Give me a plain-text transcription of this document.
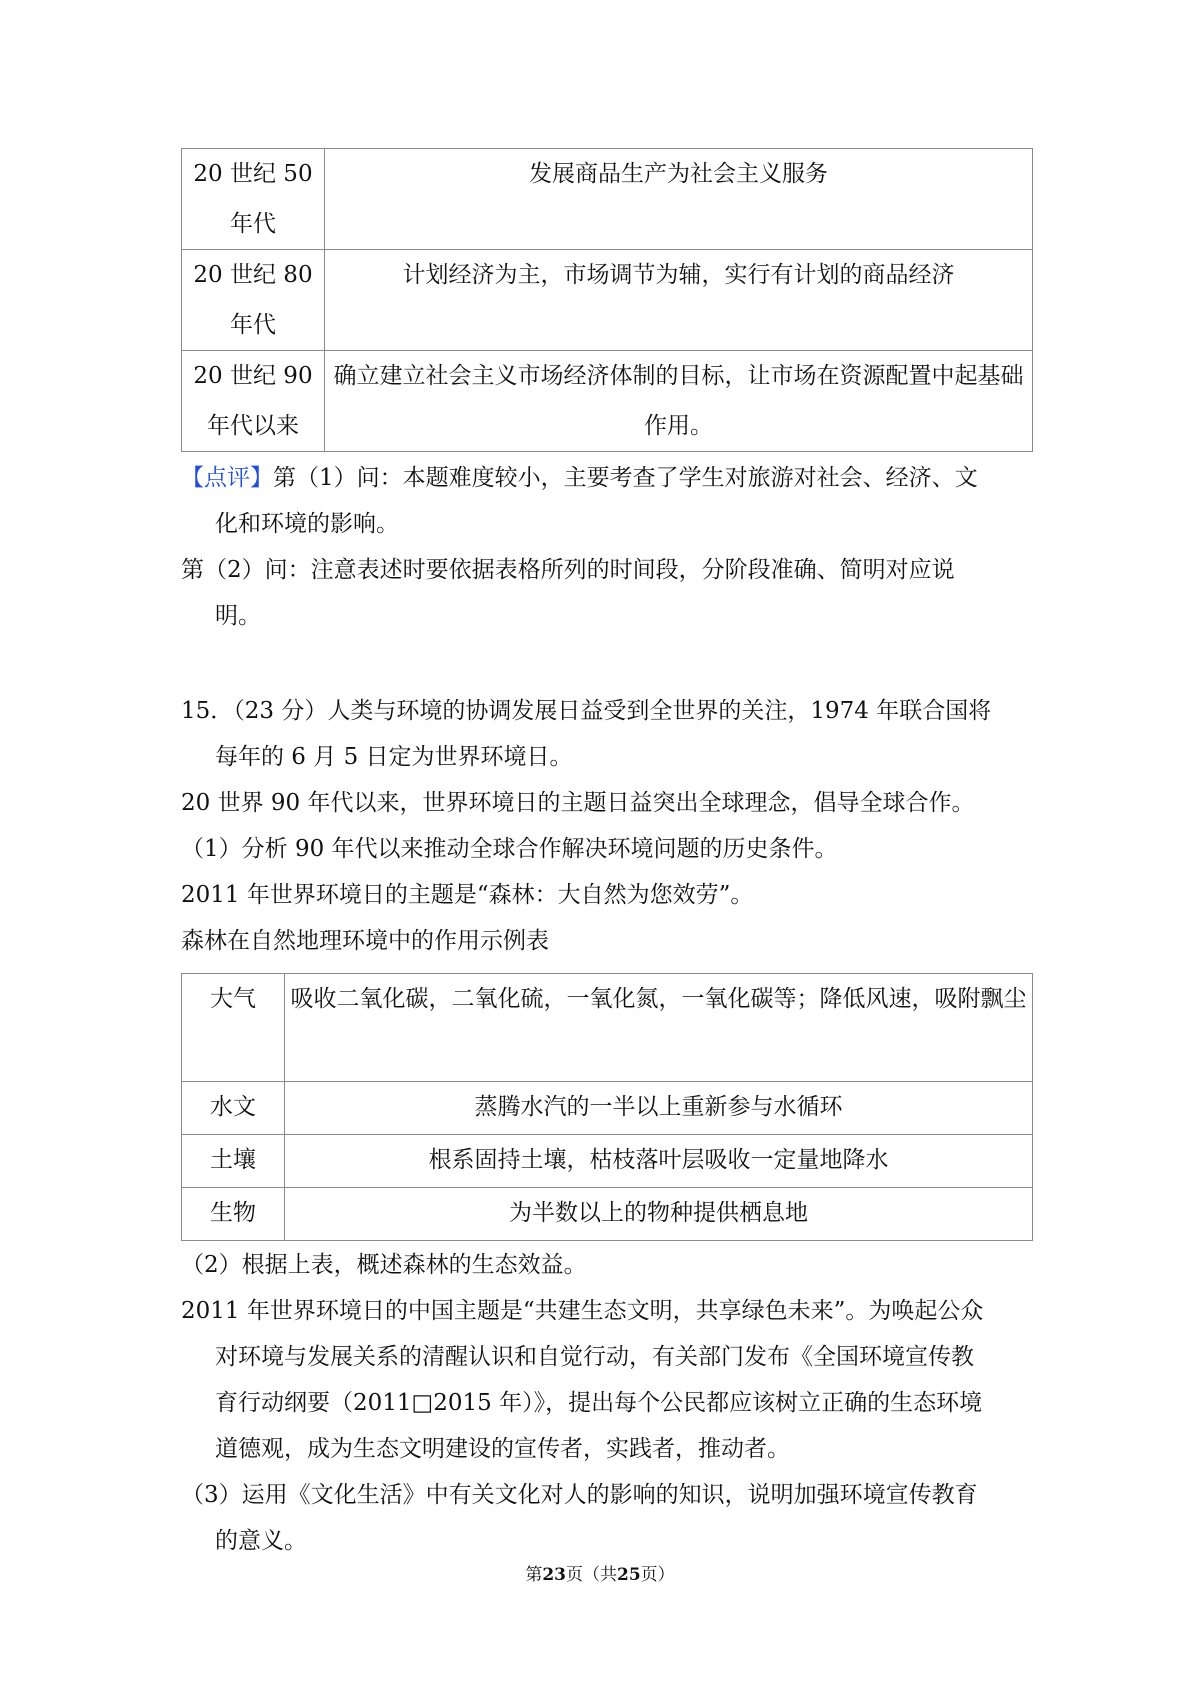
20 世纪 50 年代	发展商品生产为社会主义服务
20 世纪 80 年代	计划经济为主，市场调节为辅，实行有计划的商品经济
20 世纪 90 年代以来	确立建立社会主义市场经济体制的目标，让市场在资源配置中起基础作用。
【点评】第（1）问：本题难度较小，主要考查了学生对旅游对社会、经济、文
化和环境的影响。
第（2）问：注意表述时要依据表格所列的时间段，分阶段准确、简明对应说
明。
15．（23 分）人类与环境的协调发展日益受到全世界的关注，1974 年联合国将
每年的 6 月 5 日定为世界环境日。
20 世界 90 年代以来，世界环境日的主题日益突出全球理念，倡导全球合作。
（1）分析 90 年代以来推动全球合作解决环境问题的历史条件。
2011 年世界环境日的主题是“森林：大自然为您效劳”。
森林在自然地理环境中的作用示例表
大气	吸收二氧化碳，二氧化硫，一氧化氮，一氧化碳等；降低风速，吸附飘尘
水文	蒸腾水汽的一半以上重新参与水循环
土壤	根系固持土壤，枯枝落叶层吸收一定量地降水
生物	为半数以上的物种提供栖息地
（2）根据上表，概述森林的生态效益。
2011 年世界环境日的中国主题是“共建生态文明，共享绿色未来”。为唤起公众
对环境与发展关系的清醒认识和自觉行动，有关部门发布《全国环境宣传教
育行动纲要（2011□2015 年）》，提出每个公民都应该树立正确的生态环境
道德观，成为生态文明建设的宣传者，实践者，推动者。
（3）运用《文化生活》中有关文化对人的影响的知识，说明加强环境宣传教育
的意义。
第23页（共25页）
